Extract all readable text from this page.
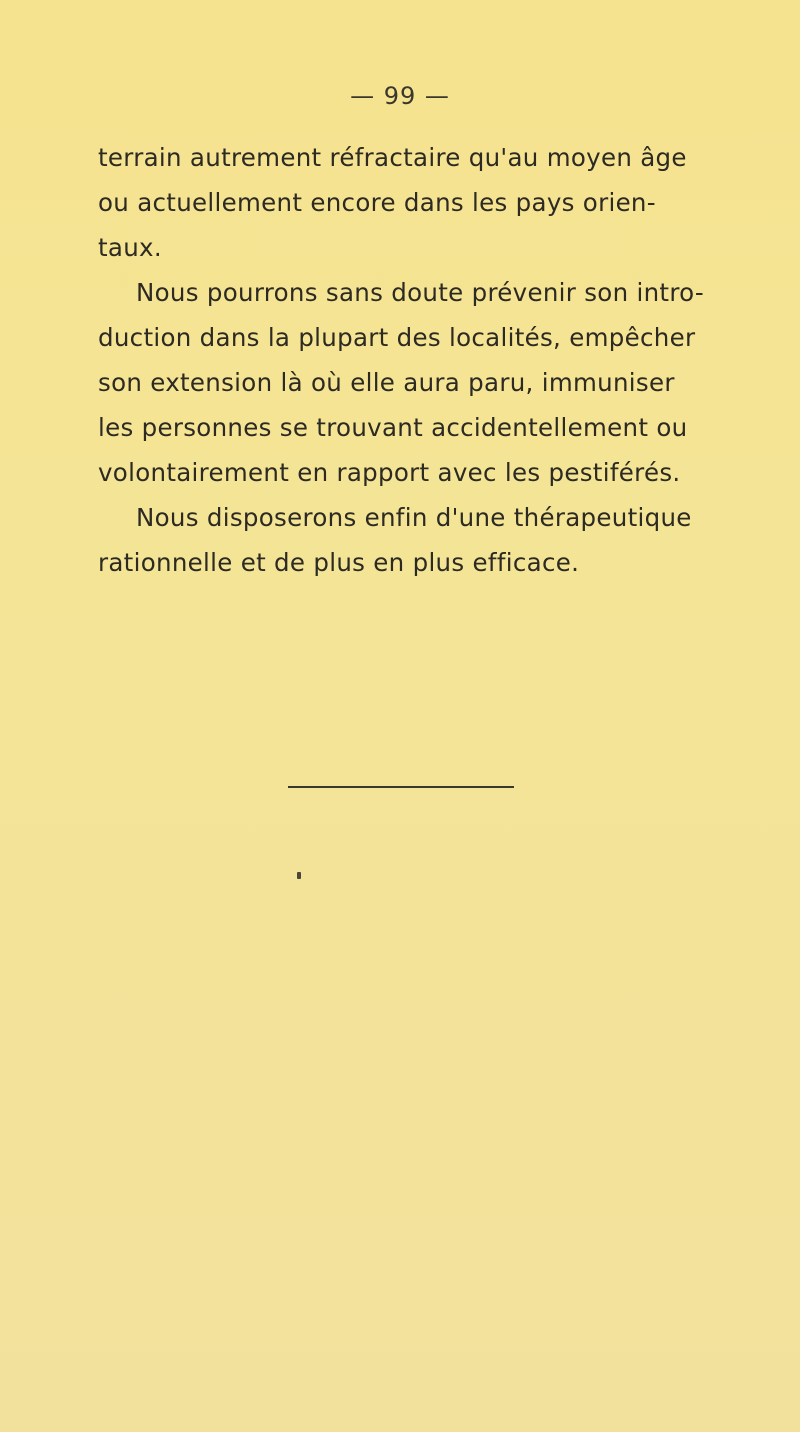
— 99 —
terrain autrement réfractaire qu'au moyen âge
ou actuellement encore dans les pays orien-
taux.
Nous pourrons sans doute prévenir son intro-
duction dans la plupart des localités, empêcher
son extension là où elle aura paru, immuniser
les personnes se trouvant accidentellement ou
volontairement en rapport avec les pestiférés.
Nous disposerons enfin d'une thérapeutique
rationnelle et de plus en plus efficace.
